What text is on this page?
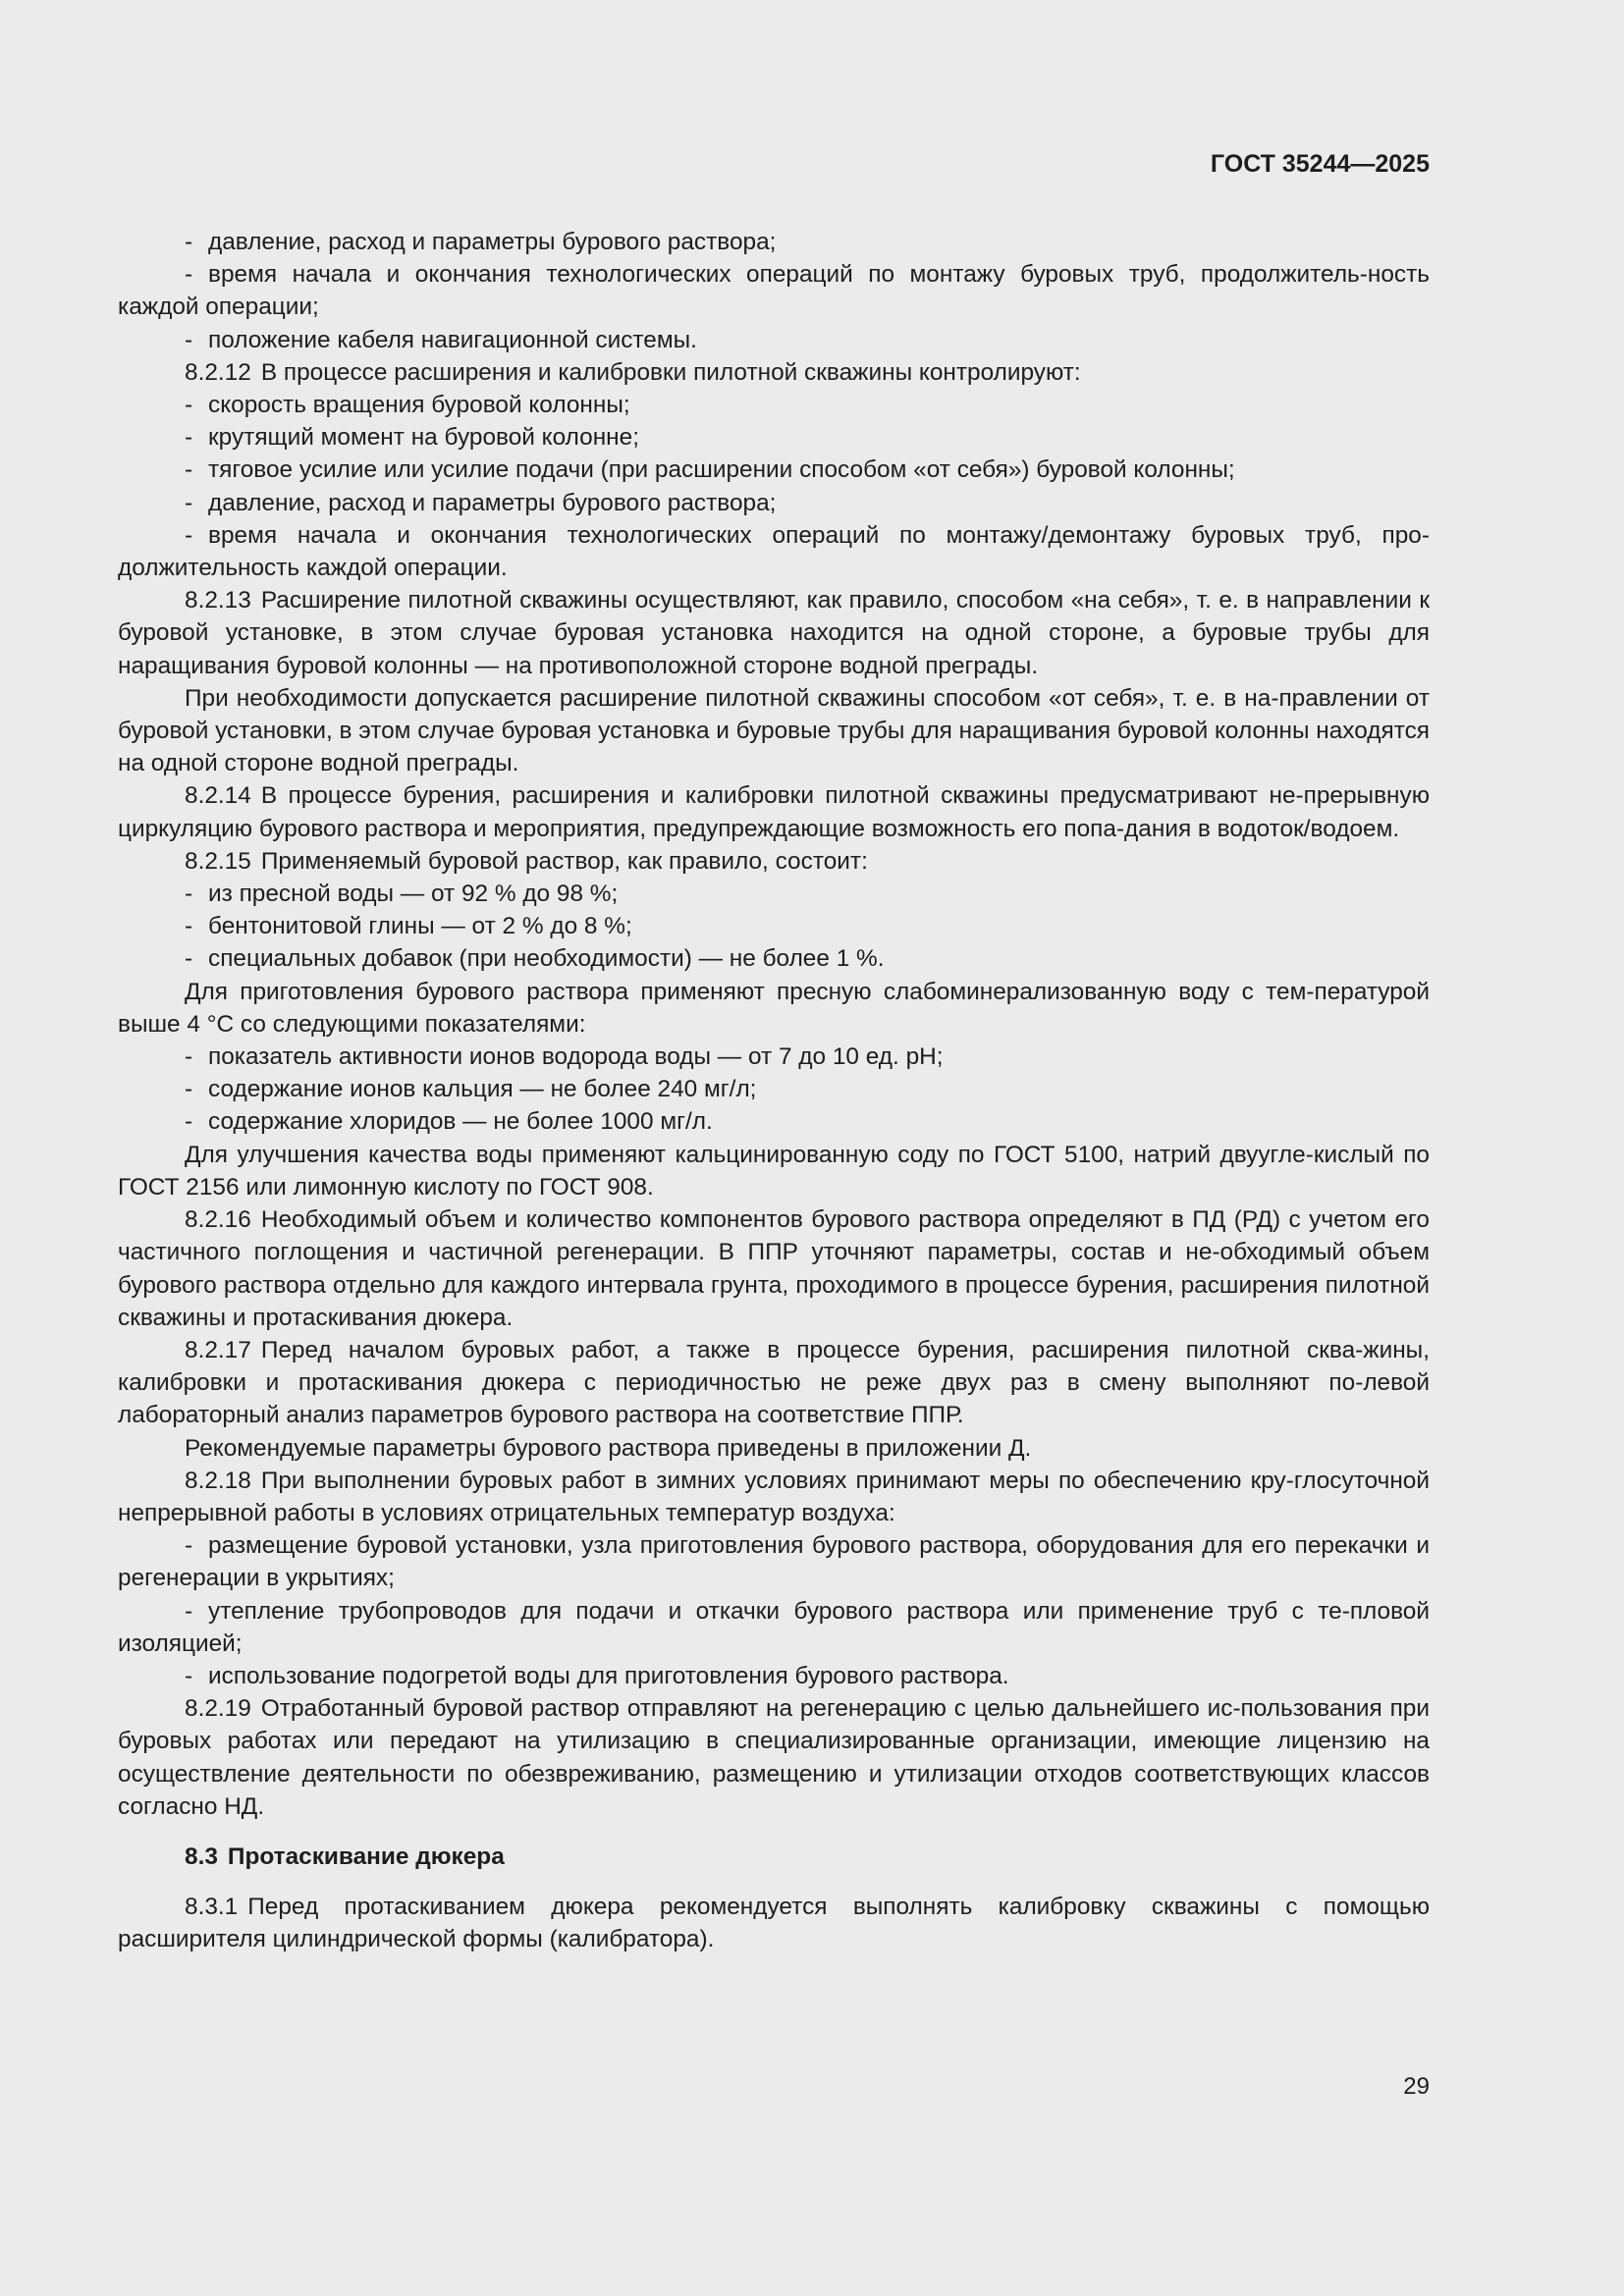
ГОСТ 35244—2025

- давление, расход и параметры бурового раствора;

- время начала и окончания технологических операций по монтажу буровых труб, продолжитель-ность каждой операции;

- положение кабеля навигационной системы.

8.2.12 В процессе расширения и калибровки пилотной скважины контролируют:

- скорость вращения буровой колонны;

- крутящий момент на буровой колонне;

- тяговое усилие или усилие подачи (при расширении способом «от себя») буровой колонны;

- давление, расход и параметры бурового раствора;

- время начала и окончания технологических операций по монтажу/демонтажу буровых труб, про-должительность каждой операции.

8.2.13 Расширение пилотной скважины осуществляют, как правило, способом «на себя», т. е. в направлении к буровой установке, в этом случае буровая установка находится на одной стороне, а буровые трубы для наращивания буровой колонны — на противоположной стороне водной преграды.

При необходимости допускается расширение пилотной скважины способом «от себя», т. е. в на-правлении от буровой установки, в этом случае буровая установка и буровые трубы для наращивания буровой колонны находятся на одной стороне водной преграды.

8.2.14 В процессе бурения, расширения и калибровки пилотной скважины предусматривают не-прерывную циркуляцию бурового раствора и мероприятия, предупреждающие возможность его попа-дания в водоток/водоем.

8.2.15 Применяемый буровой раствор, как правило, состоит:

- из пресной воды — от 92 % до 98 %;

- бентонитовой глины — от 2 % до 8 %;

- специальных добавок (при необходимости) — не более 1 %.

Для приготовления бурового раствора применяют пресную слабоминерализованную воду с тем-пературой выше 4 °С со следующими показателями:

- показатель активности ионов водорода воды — от 7 до 10 ед. pH;

- содержание ионов кальция — не более 240 мг/л;

- содержание хлоридов — не более 1000 мг/л.

Для улучшения качества воды применяют кальцинированную соду по ГОСТ 5100, натрий двуугле-кислый по ГОСТ 2156 или лимонную кислоту по ГОСТ 908.

8.2.16 Необходимый объем и количество компонентов бурового раствора определяют в ПД (РД) с учетом его частичного поглощения и частичной регенерации. В ППР уточняют параметры, состав и не-обходимый объем бурового раствора отдельно для каждого интервала грунта, проходимого в процессе бурения, расширения пилотной скважины и протаскивания дюкера.

8.2.17 Перед началом буровых работ, а также в процессе бурения, расширения пилотной сква-жины, калибровки и протаскивания дюкера с периодичностью не реже двух раз в смену выполняют по-левой лабораторный анализ параметров бурового раствора на соответствие ППР.

Рекомендуемые параметры бурового раствора приведены в приложении Д.

8.2.18 При выполнении буровых работ в зимних условиях принимают меры по обеспечению кру-глосуточной непрерывной работы в условиях отрицательных температур воздуха:

- размещение буровой установки, узла приготовления бурового раствора, оборудования для его перекачки и регенерации в укрытиях;

- утепление трубопроводов для подачи и откачки бурового раствора или применение труб с те-пловой изоляцией;

- использование подогретой воды для приготовления бурового раствора.

8.2.19 Отработанный буровой раствор отправляют на регенерацию с целью дальнейшего ис-пользования при буровых работах или передают на утилизацию в специализированные организации, имеющие лицензию на осуществление деятельности по обезвреживанию, размещению и утилизации отходов соответствующих классов согласно НД.

8.3 Протаскивание дюкера

8.3.1 Перед протаскиванием дюкера рекомендуется выполнять калибровку скважины с помощью расширителя цилиндрической формы (калибратора).

29
